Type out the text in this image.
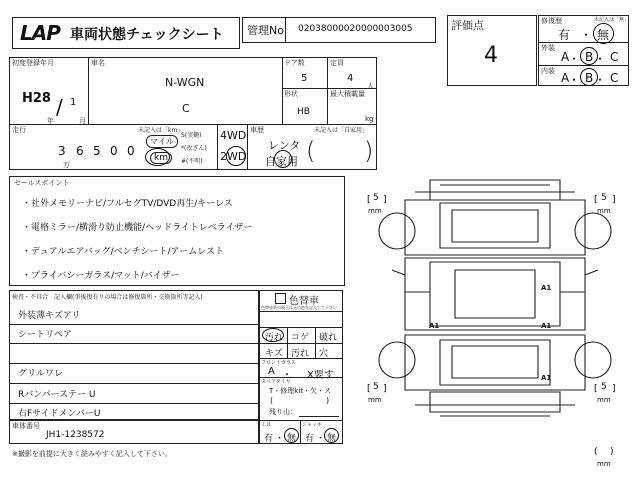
LAP 車両状態チェックシート 管理No 02038000020000003005	評価点
4
修復歴	未記入は「無」
有 ・ 無
外装
A
・ B ・ C
内装 A
・ B ・ C
初度登録年月
H28 / 1
年	月
車名
N-WGN
C
ドア数
5
定員
4
人
形状
HB
最大積載量
kg
走行	未記入は「km」
3 6 5 0 0
万
マイル
km
S(実働)
*(改ざん)
#(不明)
4WD
2WD
車歴	未記入は「自家用」
レンタ
自家用 ( )
セールスポイント
・社外メモリーナビ/フルセグTV/DVD再生/キーレス
・電格ミラー/横滑り防止機能/ヘッドライトレベライザー
・デュアルエアバッグ/ベンチシート/アームレスト
・プライバシーガラス/マット/バイザー
検査・不具合　記入欄(事後復有りの場合は修復箇所・交換箇所等記入)
外装薄キズアリ
シートリペア
グリルワレ
Rバンパーステー U
右FサイドメンバーU
車体番号
JH1-1238572
※撮影を前提に大きく読みやすく記入して下さい。
色替車
色替塗装の場合は元の色を記入して下さい
汚れ コゲ 破れ
キズ 汚れ 穴
フロントガラス
A ・ X要す
スペアタイヤ
T・修理kit・欠・ス
(	)
残り山：
工具
有 ・ 無
ジャッキ
有 ・ 無
[ ]	[ ]
[ ]	[ ]
( )
5
mm
5
mm
5
mm
5
mm
mm
A1
A1	A1
A1
